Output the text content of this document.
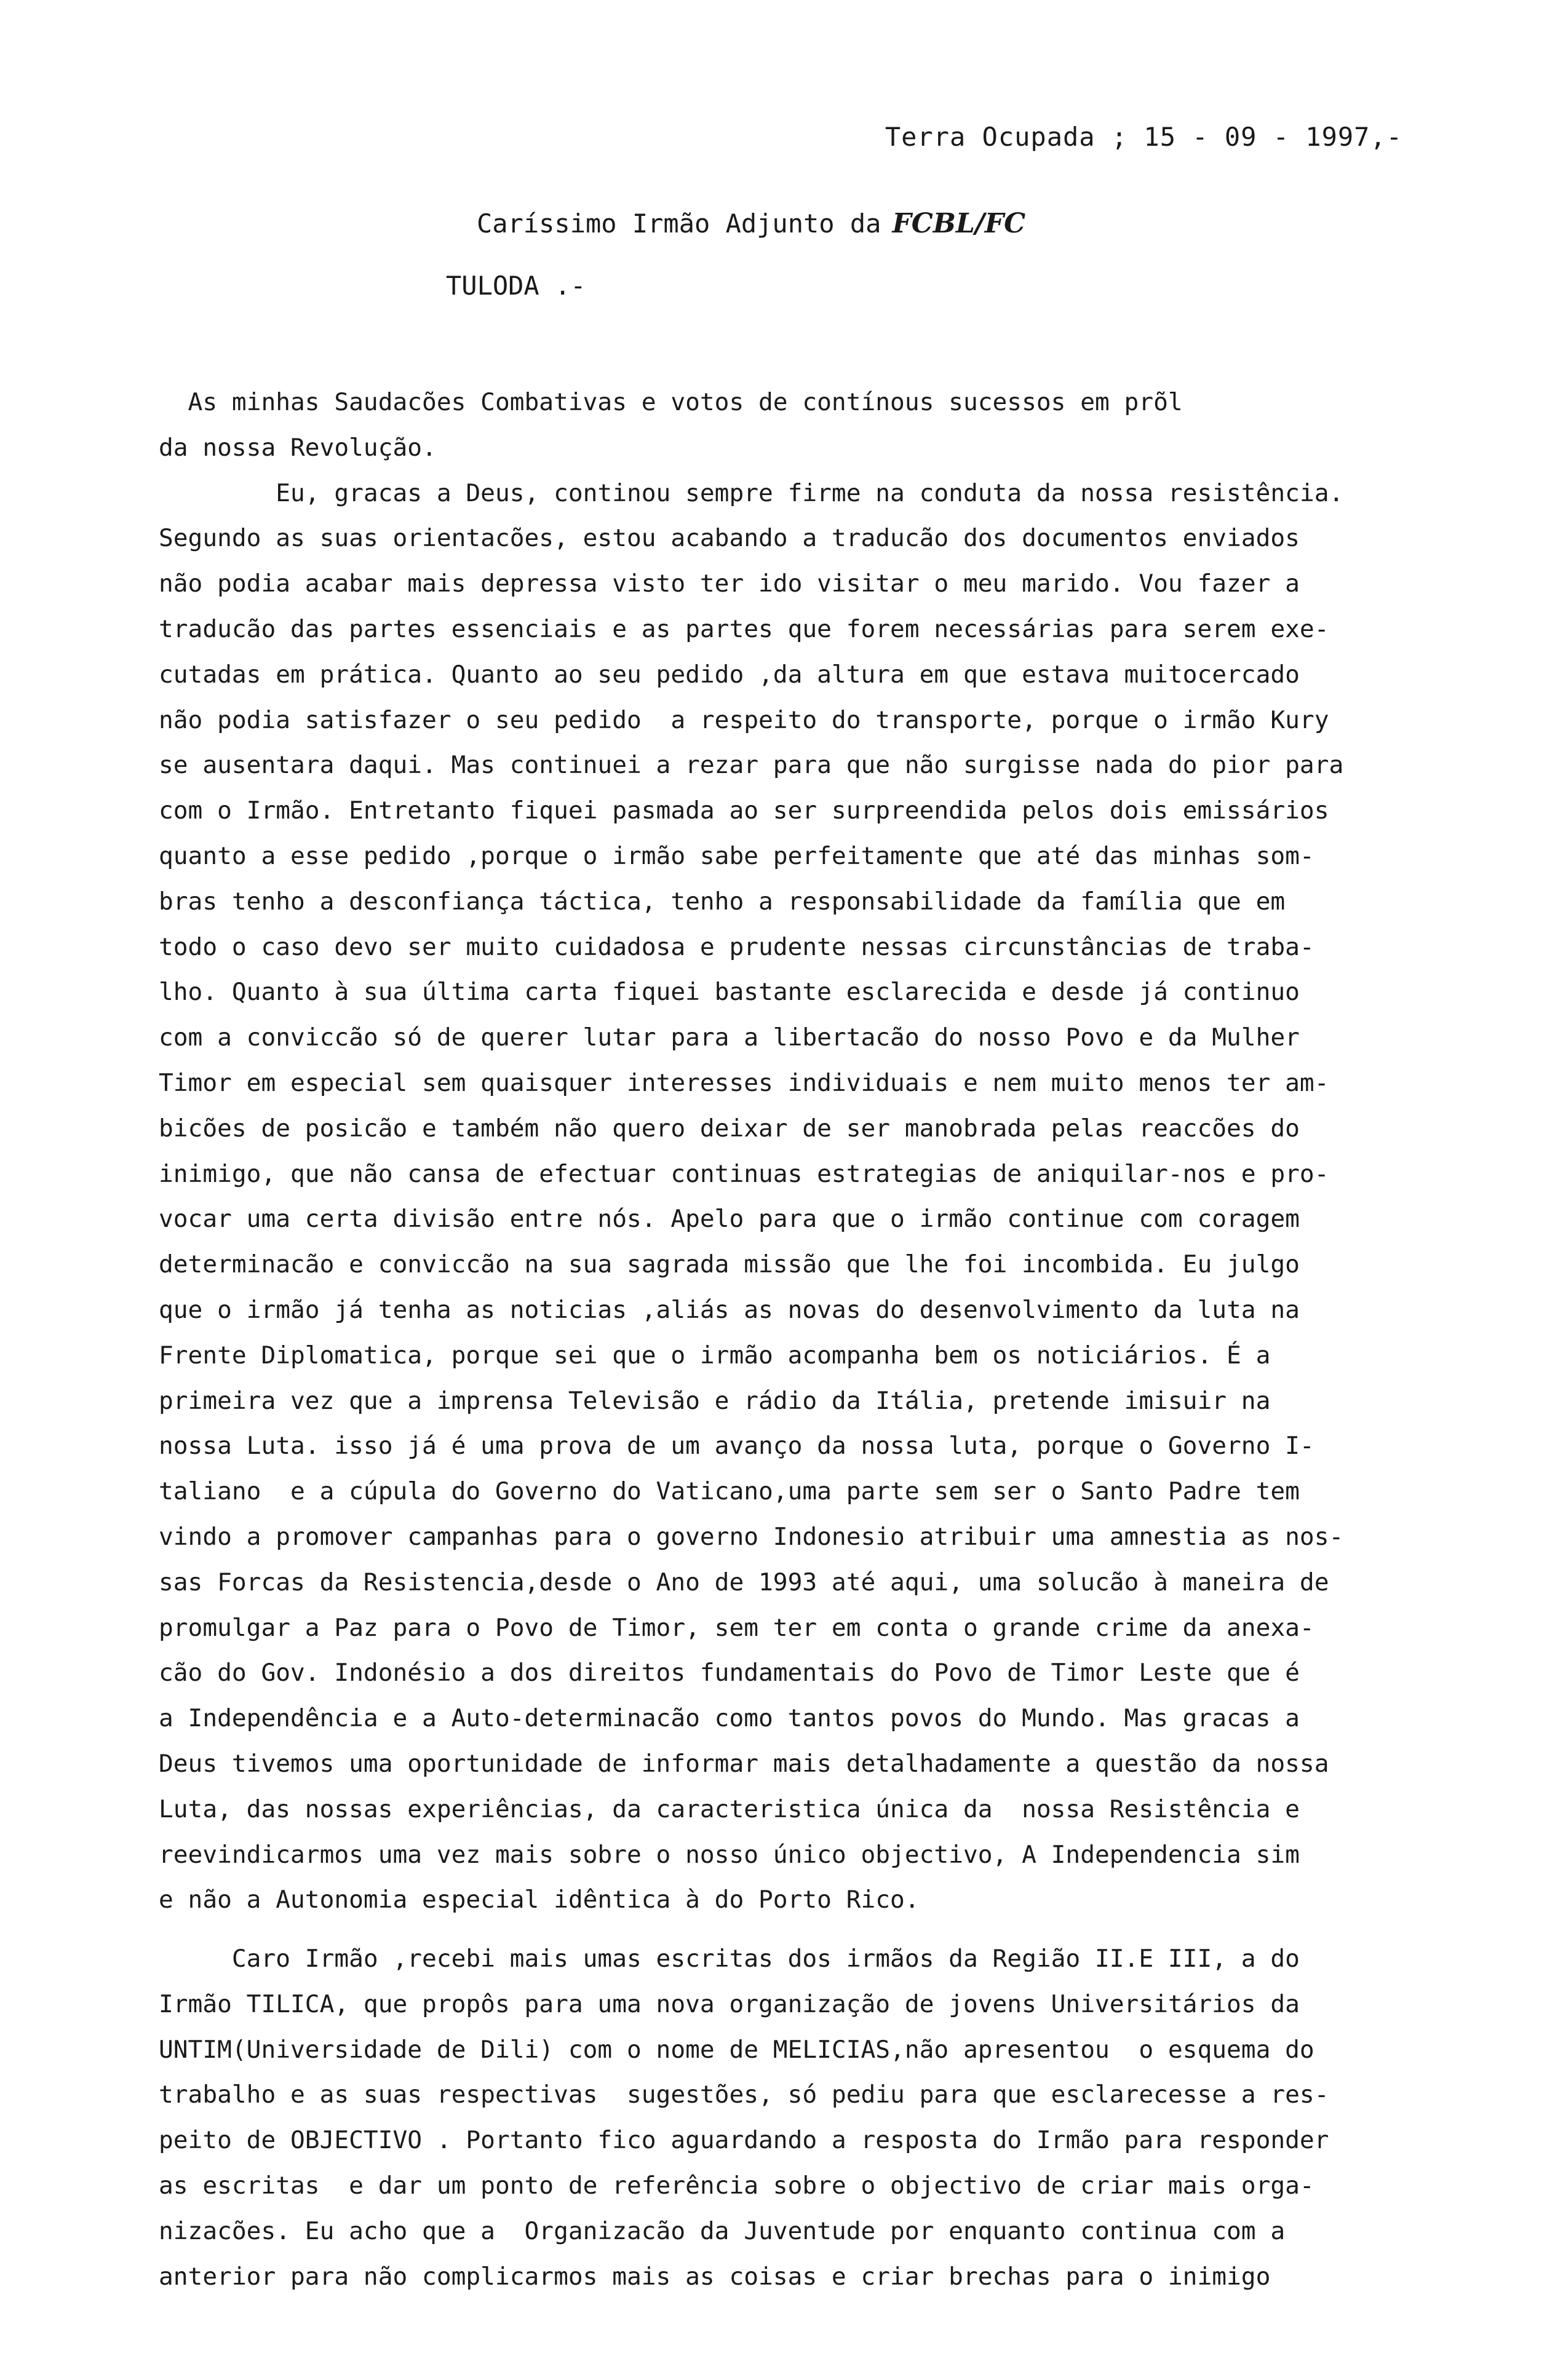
Terra Ocupada ; 15 - 09 - 1997,-
Caríssimo Irmão Adjunto da FCBL/FC
TULODA .-
As minhas Saudacões Combativas e votos de contínous sucessos em prõl
da nossa Revolução.
Eu, gracas a Deus, continou sempre firme na conduta da nossa resistência.
Segundo as suas orientacões, estou acabando a traducão dos documentos enviados
não podia acabar mais depressa visto ter ido visitar o meu marido. Vou fazer a
traducão das partes essenciais e as partes que forem necessárias para serem exe-
cutadas em prática. Quanto ao seu pedido ,da altura em que estava muitocercado
não podia satisfazer o seu pedido  a respeito do transporte, porque o irmão Kury
se ausentara daqui. Mas continuei a rezar para que não surgisse nada do pior para
com o Irmão. Entretanto fiquei pasmada ao ser surpreendida pelos dois emissários
quanto a esse pedido ,porque o irmão sabe perfeitamente que até das minhas som-
bras tenho a desconfiança táctica, tenho a responsabilidade da família que em
todo o caso devo ser muito cuidadosa e prudente nessas circunstâncias de traba-
lho. Quanto à sua última carta fiquei bastante esclarecida e desde já continuo
com a conviccão só de querer lutar para a libertacão do nosso Povo e da Mulher
Timor em especial sem quaisquer interesses individuais e nem muito menos ter am-
bicões de posicão e também não quero deixar de ser manobrada pelas reaccões do
inimigo, que não cansa de efectuar continuas estrategias de aniquilar-nos e pro-
vocar uma certa divisão entre nós. Apelo para que o irmão continue com coragem
determinacão e conviccão na sua sagrada missão que lhe foi incombida. Eu julgo
que o irmão já tenha as noticias ,aliás as novas do desenvolvimento da luta na
Frente Diplomatica, porque sei que o irmão acompanha bem os noticiários. É a
primeira vez que a imprensa Televisão e rádio da Itália, pretende imisuir na
nossa Luta. isso já é uma prova de um avanço da nossa luta, porque o Governo I-
taliano  e a cúpula do Governo do Vaticano,uma parte sem ser o Santo Padre tem
vindo a promover campanhas para o governo Indonesio atribuir uma amnestia as nos-
sas Forcas da Resistencia,desde o Ano de 1993 até aqui, uma solucão à maneira de
promulgar a Paz para o Povo de Timor, sem ter em conta o grande crime da anexa-
cão do Gov. Indonésio a dos direitos fundamentais do Povo de Timor Leste que é
a Independência e a Auto-determinacão como tantos povos do Mundo. Mas gracas a
Deus tivemos uma oportunidade de informar mais detalhadamente a questão da nossa
Luta, das nossas experiências, da caracteristica única da  nossa Resistência e
reevindicarmos uma vez mais sobre o nosso único objectivo, A Independencia sim
e não a Autonomia especial idêntica à do Porto Rico.
Caro Irmão ,recebi mais umas escritas dos irmãos da Região II.E III, a do
Irmão TILICA, que propôs para uma nova organização de jovens Universitários da
UNTIM(Universidade de Dili) com o nome de MELICIAS,não apresentou  o esquema do
trabalho e as suas respectivas  sugestões, só pediu para que esclarecesse a res-
peito de OBJECTIVO . Portanto fico aguardando a resposta do Irmão para responder
as escritas  e dar um ponto de referência sobre o objectivo de criar mais orga-
nizacões. Eu acho que a  Organizacão da Juventude por enquanto continua com a
anterior para não complicarmos mais as coisas e criar brechas para o inimigo
